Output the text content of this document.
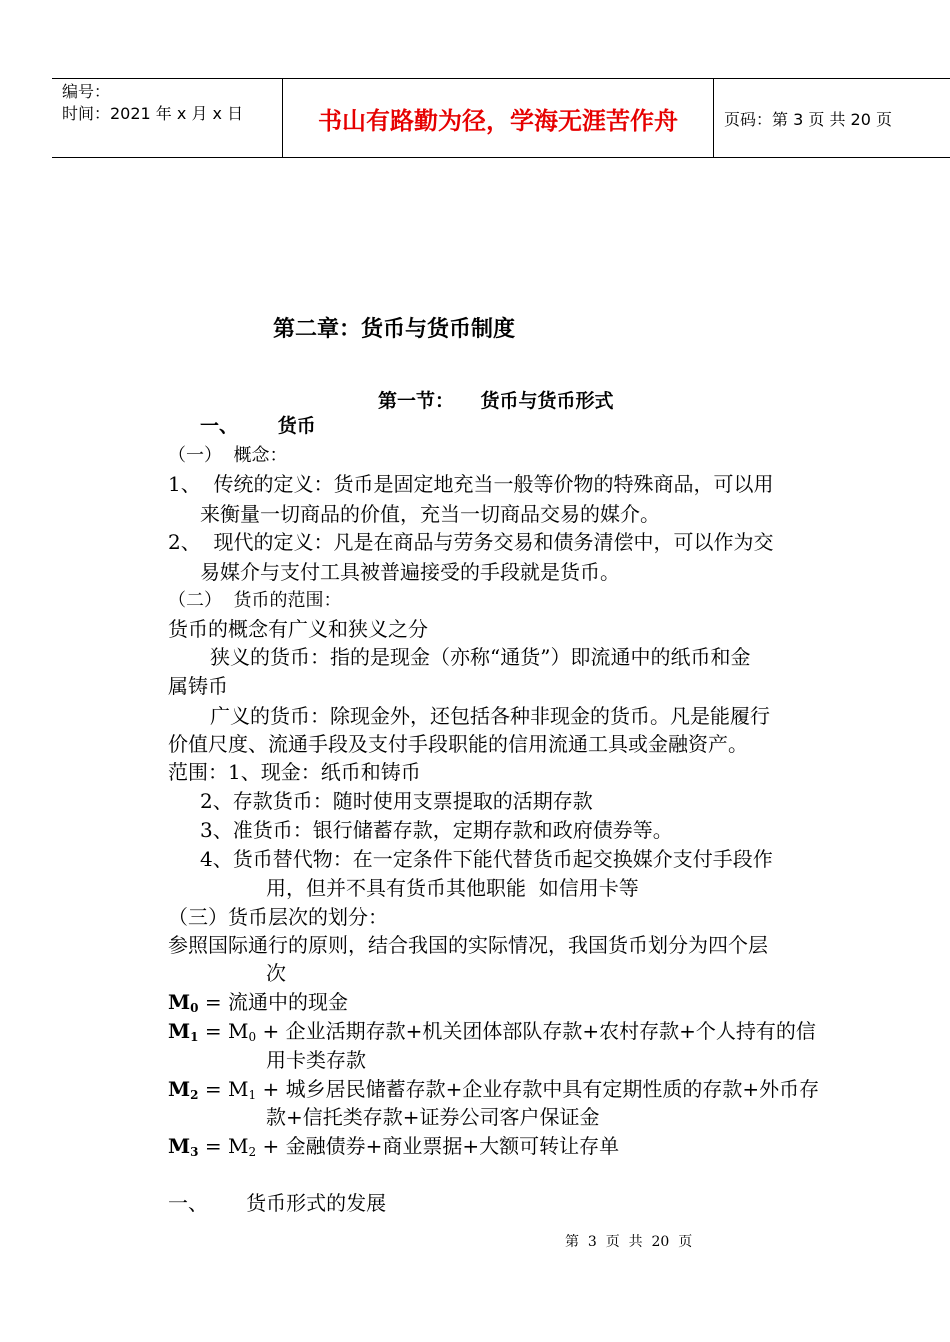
编号：
时间：2021 年 x 月 x 日	书山有路勤为径，学海无涯苦作舟	页码：第 3 页 共 20 页
第二章：货币与货币制度
第一节：    货币与货币形式
一、      货币
（一）  概念：
1、  传统的定义：货币是固定地充当一般等价物的特殊商品，可以用
来衡量一切商品的价值，充当一切商品交易的媒介。
2、  现代的定义：凡是在商品与劳务交易和债务清偿中，可以作为交
易媒介与支付工具被普遍接受的手段就是货币。
（二）  货币的范围：
货币的概念有广义和狭义之分
狭义的货币：指的是现金（亦称“通货”）即流通中的纸币和金
属铸币
广义的货币：除现金外，还包括各种非现金的货币。凡是能履行
价值尺度、流通手段及支付手段职能的信用流通工具或金融资产。
范围：1、现金：纸币和铸币
2、存款货币：随时使用支票提取的活期存款
3、准货币：银行储蓄存款，定期存款和政府债券等。
4、货币替代物：在一定条件下能代替货币起交换媒介支付手段作
用，但并不具有货币其他职能  如信用卡等
（三）货币层次的划分：
参照国际通行的原则，结合我国的实际情况，我国货币划分为四个层
次
$M_0$ = 流通中的现金
$M_1 = M_0$ + 企业活期存款+机关团体部队存款+农村存款+个人持有的信
用卡类存款
$M_2 = M_1$ + 城乡居民储蓄存款+企业存款中具有定期性质的存款+外币存
款+信托类存款+证券公司客户保证金
$M_3 = M_2$ + 金融债券+商业票据+大额可转让存单
一、      货币形式的发展
第  3  页  共  20  页
